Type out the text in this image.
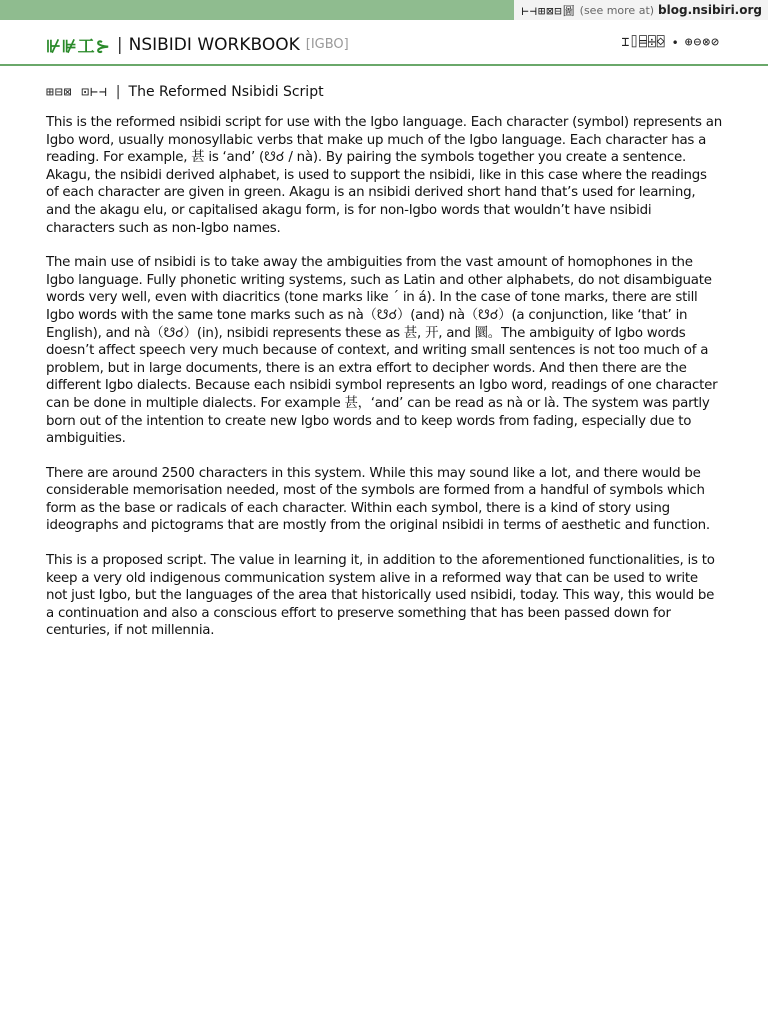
⊢⊣⊞⊠⊟圖 (see more at) blog.nsibiri.org
⊮⊯工⊱ | NSIBIDI WORKBOOK [IGBO]	⌶⌷⌸⌹⌺ • ⊕⊖⊗⊘
⊞⊟⊠ ⊡⊢⊣ | The Reformed Nsibidi Script

This is the reformed nsibidi script for use with the Igbo language. Each character (symbol) represents an Igbo word, usually monosyllabic verbs that make up much of the Igbo language. Each character has a reading. For example, 甚 is ‘and’ (☋☌ / nà). By pairing the symbols together you create a sentence. Akagu, the nsibidi derived alphabet, is used to support the nsibidi, like in this case where the readings of each character are given in green. Akagu is an nsibidi derived short hand that’s used for learning, and the akagu elu, or capitalised akagu form, is for non-Igbo words that wouldn’t have nsibidi characters such as non-Igbo names.

The main use of nsibidi is to take away the ambiguities from the vast amount of homophones in the Igbo language. Fully phonetic writing systems, such as Latin and other alphabets, do not disambiguate words very well, even with diacritics (tone marks like ´ in á). In the case of tone marks, there are still Igbo words with the same tone marks such as nà（☋☌）(and) nà（☋☌）(a conjunction, like ‘that’ in English), and nà（☋☌）(in), nsibidi represents these as 甚, 开, and 圜。The ambiguity of Igbo words doesn’t affect speech very much because of context, and writing small sentences is not too much of a problem, but in large documents, there is an extra effort to decipher words. And then there are the different Igbo dialects. Because each nsibidi symbol represents an Igbo word, readings of one character can be done in multiple dialects. For example 甚，‘and’ can be read as nà or là. The system was partly born out of the intention to create new Igbo words and to keep words from fading, especially due to ambiguities.

There are around 2500 characters in this system. While this may sound like a lot, and there would be considerable memorisation needed, most of the symbols are formed from a handful of symbols which form as the base or radicals of each character. Within each symbol, there is a kind of story using ideographs and pictograms that are mostly from the original nsibidi in terms of aesthetic and function.

This is a proposed script. The value in learning it, in addition to the aforementioned functionalities, is to keep a very old indigenous communication system alive in a reformed way that can be used to write not just Igbo, but the languages of the area that historically used nsibidi, today. This way, this would be a continuation and also a conscious effort to preserve something that has been passed down for centuries, if not millennia.
